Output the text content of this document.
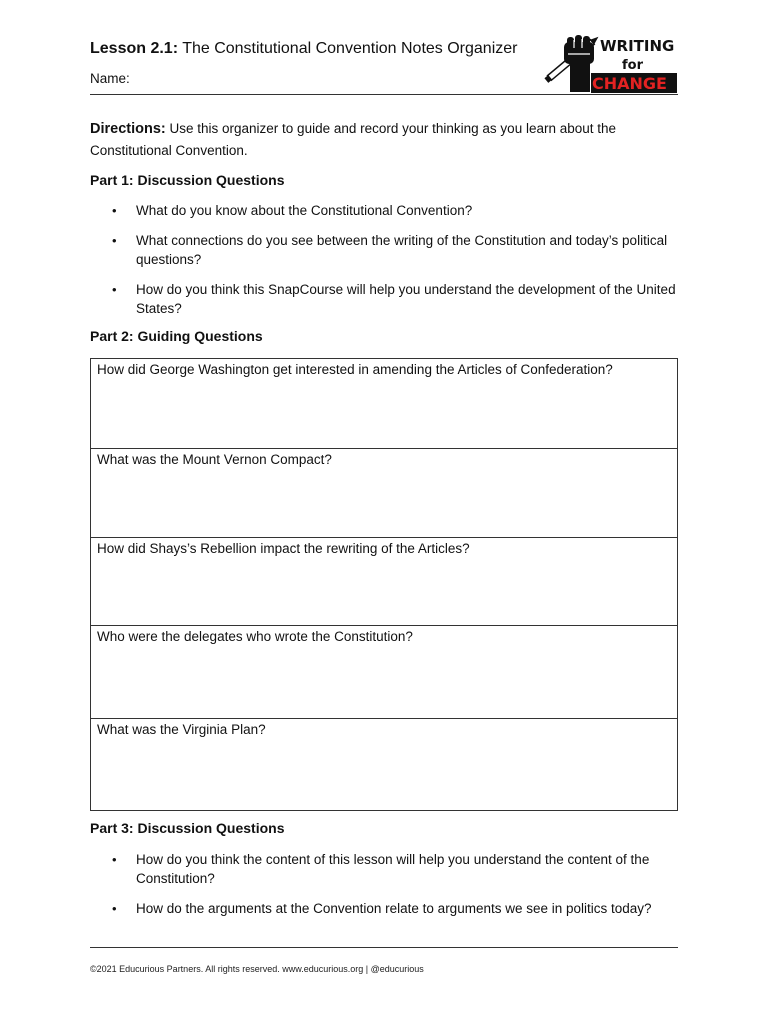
Lesson 2.1: The Constitutional Convention Notes Organizer
Name:
WRITING
for
CHANGE
Directions: Use this organizer to guide and record your thinking as you learn about the Constitutional Convention.
Part 1: Discussion Questions
• What do you know about the Constitutional Convention?
• What connections do you see between the writing of the Constitution and today’s political questions?
• How do you think this SnapCourse will help you understand the development of the United States?
Part 2: Guiding Questions
How did George Washington get interested in amending the Articles of Confederation?
What was the Mount Vernon Compact?
How did Shays’s Rebellion impact the rewriting of the Articles?
Who were the delegates who wrote the Constitution?
What was the Virginia Plan?
Part 3: Discussion Questions
• How do you think the content of this lesson will help you understand the content of the Constitution?
• How do the arguments at the Convention relate to arguments we see in politics today?
©2021 Educurious Partners. All rights reserved. www.educurious.org | @educurious
